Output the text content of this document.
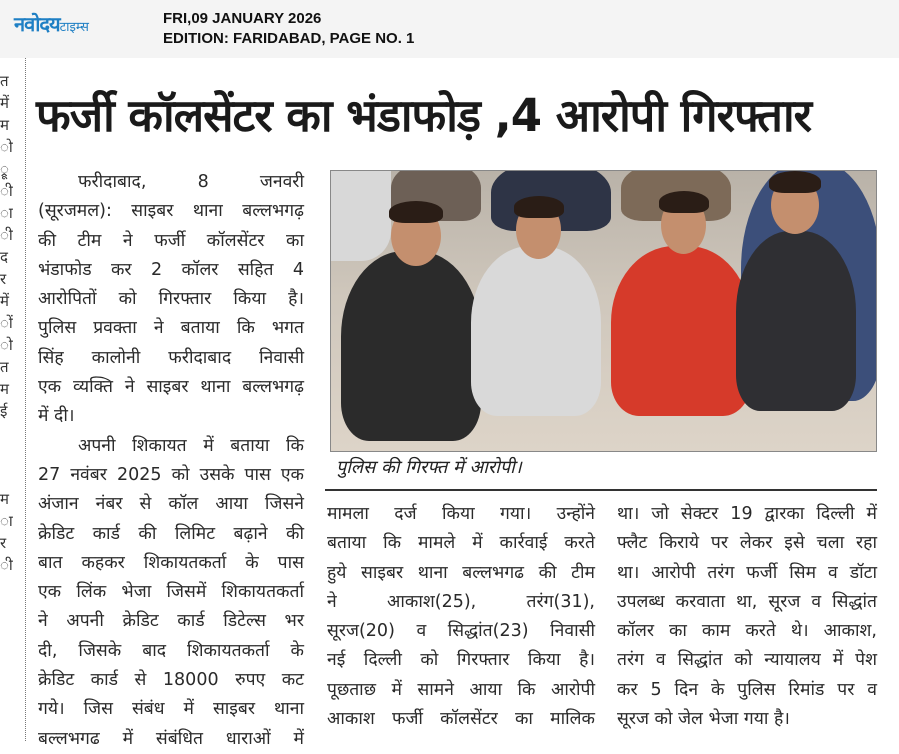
नवोदयटाइम्स
FRI,09 JANUARY 2026
EDITION: FARIDABAD, PAGE NO. 1
त
में
म
ो
्रू
ी
ा
ी
द
र
में
ों
ो
त
म
ई
म
ा
र
ी
फर्जी कॉलसेंटर का भंडाफोड़ ,4 आरोपी गिरफ्तार
फरीदाबाद, 8 जनवरी
(सूरजमल): साइबर थाना बल्लभगढ़
की टीम ने फर्जी कॉलसेंटर का
भंडाफोड कर 2 कॉलर सहित 4
आरोपितों को गिरफ्तार किया है।
पुलिस प्रवक्ता ने बताया कि भगत
सिंह कालोनी फरीदाबाद निवासी
एक व्यक्ति ने साइबर थाना बल्लभगढ़
में दी।
अपनी शिकायत में बताया कि
27 नवंबर 2025 को उसके पास एक
अंजान नंबर से कॉल आया जिसने
क्रेडिट कार्ड की लिमिट बढ़ाने की
बात कहकर शिकायतकर्ता के पास
एक लिंक भेजा जिसमें शिकायतकर्ता
ने अपनी क्रेडिट कार्ड डिटेल्स भर
दी, जिसके बाद शिकायतकर्ता के
क्रेडिट कार्ड से 18000 रुपए कट
गये। जिस संबंध में साइबर थाना
बल्लभगढ में संबंधित धाराओं में
पुलिस की गिरफ्त में आरोपी।
मामला दर्ज किया गया। उन्होंने
बताया कि मामले में कार्रवाई करते
हुये साइबर थाना बल्लभगढ की टीम
ने आकाश(25), तरंग(31),
सूरज(20) व सिद्धांत(23) निवासी
नई दिल्ली को गिरफ्तार किया है।
पूछताछ में सामने आया कि आरोपी
आकाश फर्जी कॉलसेंटर का मालिक
था। जो सेक्टर 19 द्वारका दिल्ली में
फ्लैट किराये पर लेकर इसे चला रहा
था। आरोपी तरंग फर्जी सिम व डॉटा
उपलब्ध करवाता था, सूरज व सिद्धांत
कॉलर का काम करते थे। आकाश,
तरंग व सिद्धांत को न्यायालय में पेश
कर 5 दिन के पुलिस रिमांड पर व
सूरज को जेल भेजा गया है।
